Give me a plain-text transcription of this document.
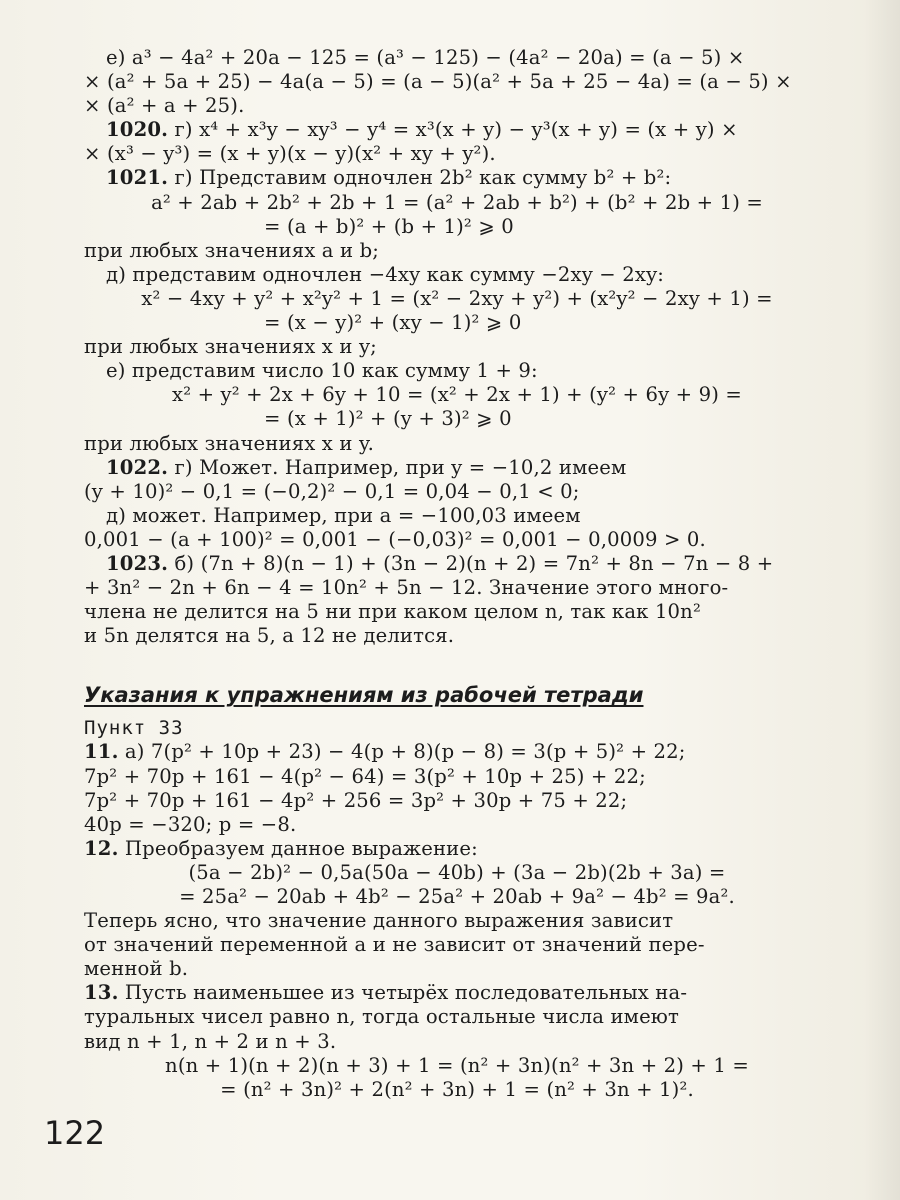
е) a³ − 4a² + 20a − 125 = (a³ − 125) − (4a² − 20a) = (a − 5) ×
× (a² + 5a + 25) − 4a(a − 5) = (a − 5)(a² + 5a + 25 − 4a) = (a − 5) ×
× (a² + a + 25).
1020. г) x⁴ + x³y − xy³ − y⁴ = x³(x + y) − y³(x + y) = (x + y) ×
× (x³ − y³) = (x + y)(x − y)(x² + xy + y²).
1021. г) Представим одночлен 2b² как сумму b² + b²:
a² + 2ab + 2b² + 2b + 1 = (a² + 2ab + b²) + (b² + 2b + 1) =
= (a + b)² + (b + 1)² ⩾ 0
при любых значениях a и b;
д) представим одночлен −4xy как сумму −2xy − 2xy:
x² − 4xy + y² + x²y² + 1 = (x² − 2xy + y²) + (x²y² − 2xy + 1) =
= (x − y)² + (xy − 1)² ⩾ 0
при любых значениях x и y;
е) представим число 10 как сумму 1 + 9:
x² + y² + 2x + 6y + 10 = (x² + 2x + 1) + (y² + 6y + 9) =
= (x + 1)² + (y + 3)² ⩾ 0
при любых значениях x и y.
1022. г) Может. Например, при y = −10,2 имеем
(y + 10)² − 0,1 = (−0,2)² − 0,1 = 0,04 − 0,1 < 0;
д) может. Например, при a = −100,03 имеем
0,001 − (a + 100)² = 0,001 − (−0,03)² = 0,001 − 0,0009 > 0.
1023. б) (7n + 8)(n − 1) + (3n − 2)(n + 2) = 7n² + 8n − 7n − 8 +
+ 3n² − 2n + 6n − 4 = 10n² + 5n − 12. Значение этого много-
члена не делится на 5 ни при каком целом n, так как 10n²
и 5n делятся на 5, а 12 не делится.
Указания к упражнениям из рабочей тетради
Пункт 33
11. а) 7(p² + 10p + 23) − 4(p + 8)(p − 8) = 3(p + 5)² + 22;
7p² + 70p + 161 − 4(p² − 64) = 3(p² + 10p + 25) + 22;
7p² + 70p + 161 − 4p² + 256 = 3p² + 30p + 75 + 22;
40p = −320; p = −8.
12. Преобразуем данное выражение:
(5a − 2b)² − 0,5a(50a − 40b) + (3a − 2b)(2b + 3a) =
= 25a² − 20ab + 4b² − 25a² + 20ab + 9a² − 4b² = 9a².
Теперь ясно, что значение данного выражения зависит
от значений переменной a и не зависит от значений пере-
менной b.
13. Пусть наименьшее из четырёх последовательных на-
туральных чисел равно n, тогда остальные числа имеют
вид n + 1, n + 2 и n + 3.
n(n + 1)(n + 2)(n + 3) + 1 = (n² + 3n)(n² + 3n + 2) + 1 =
= (n² + 3n)² + 2(n² + 3n) + 1 = (n² + 3n + 1)².
122
